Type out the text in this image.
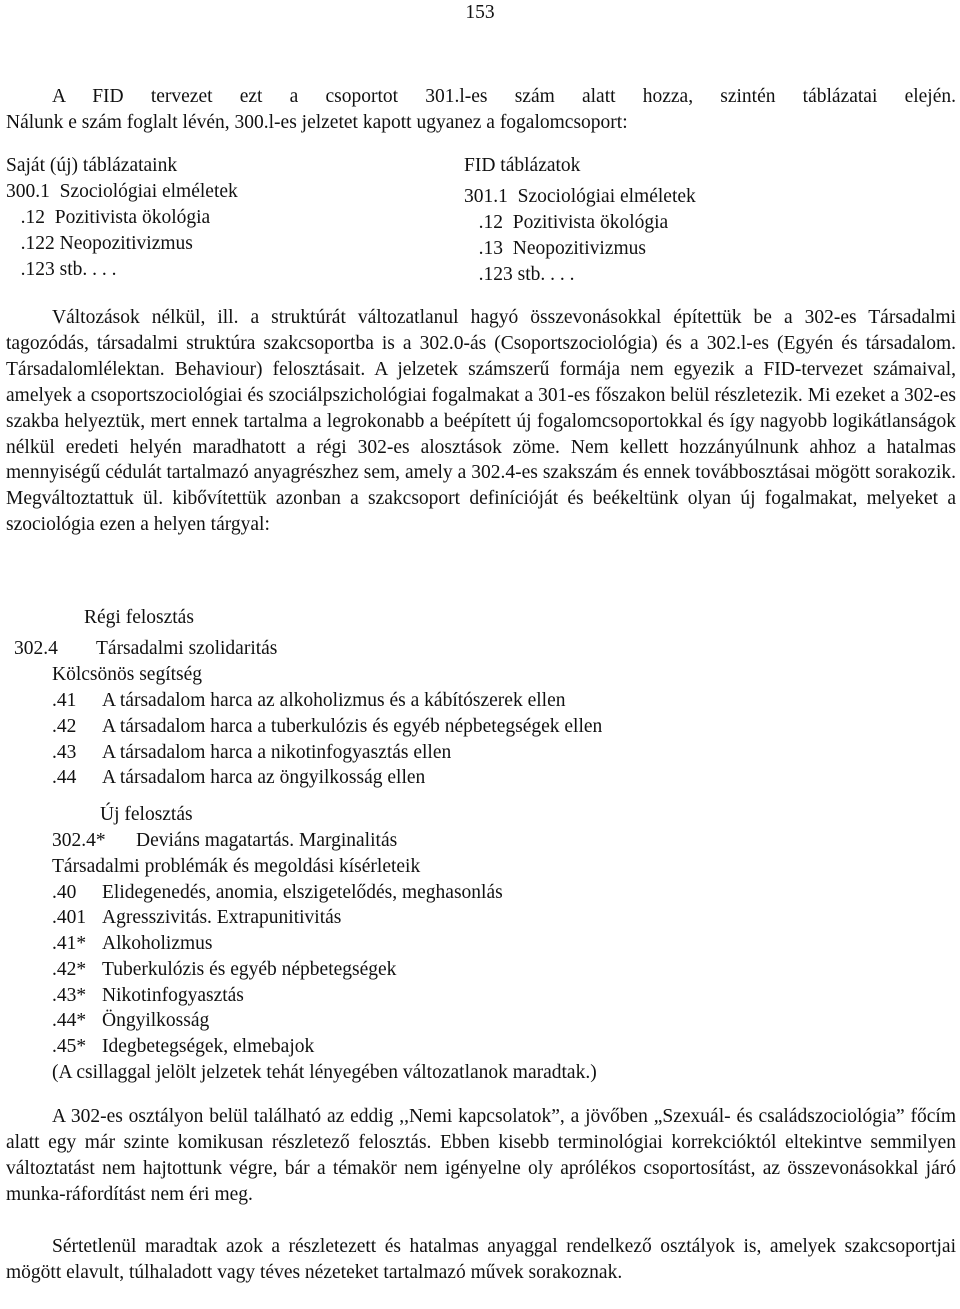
153

A FID tervezet ezt a csoportot 301.l-es szám alatt hozza, szintén táblázatai elején.

Nálunk e szám foglalt lévén, 300.l-es jelzetet kapott ugyanez a fogalomcsoport:

Saját (új) táblázataink
300.1  Szociológiai elméletek
.12  Pozitivista ökológia
.122 Neopozitivizmus
.123 stb. . . .
FID táblázatok
301.1  Szociológiai elméletek
.12  Pozitivista ökológia
.13  Neopozitivizmus
.123 stb. . . .

Változások nélkül, ill. a struktúrát változatlanul hagyó összevonásokkal építettük be a 302-es Társadalmi tagozódás, társadalmi struktúra szakcsoportba is a 302.0-ás (Csoportszociológia) és a 302.l-es (Egyén és társadalom. Társadalomlélektan. Behaviour) felosztásait. A jelzetek számszerű formája nem egyezik a FID-tervezet számaival, amelyek a csoportszociológiai és szociálpszichológiai fogalmakat a 301-es főszakon belül részletezik. Mi ezeket a 302-es szakba helyeztük, mert ennek tartalma a legrokonabb a beépített új fogalomcsoportokkal és így nagyobb logikátlanságok nélkül eredeti helyén maradhatott a régi 302-es alosztások zöme. Nem kellett hozzányúlnunk ahhoz a hatalmas mennyiségű cédulát tartalmazó anyagrészhez sem, amely a 302.4-es szakszám és ennek továbbosztásai mögött sorakozik. Megváltoztattuk ül. kibővítettük azonban a szakcsoport definícióját és beékeltünk olyan új fogalmakat, melyeket a szociológia ezen a helyen tárgyal:

Régi felosztás
302.4 Társadalmi szolidaritás
Kölcsönös segítség
.41 A társadalom harca az alkoholizmus és a kábítószerek ellen
.42 A társadalom harca a tuberkulózis és egyéb népbetegségek ellen
.43 A társadalom harca a nikotinfogyasztás ellen
.44 A társadalom harca az öngyilkosság ellen
Új felosztás
302.4* Deviáns magatartás. Marginalitás
Társadalmi problémák és megoldási kísérleteik
.40 Elidegenedés, anomia, elszigetelődés, meghasonlás
.401 Agresszivitás. Extrapunitivitás
.41* Alkoholizmus
.42* Tuberkulózis és egyéb népbetegségek
.43* Nikotinfogyasztás
.44* Öngyilkosság
.45* Idegbetegségek, elmebajok
(A csillaggal jelölt jelzetek tehát lényegében változatlanok maradtak.)

A 302-es osztályon belül található az eddig ,,Nemi kapcsolatok”, a jövőben „Szexuál- és családszociológia” főcím alatt egy már szinte komikusan részletező felosztás. Ebben kisebb terminológiai korrekcióktól eltekintve semmilyen változtatást nem hajtottunk végre, bár a témakör nem igényelne oly aprólékos csoportosítást, az összevonásokkal járó munka-ráfordítást nem éri meg.

Sértetlenül maradtak azok a részletezett és hatalmas anyaggal rendelkező osztályok is, amelyek szakcsoportjai mögött elavult, túlhaladott vagy téves nézeteket tartalmazó művek sorakoznak.
